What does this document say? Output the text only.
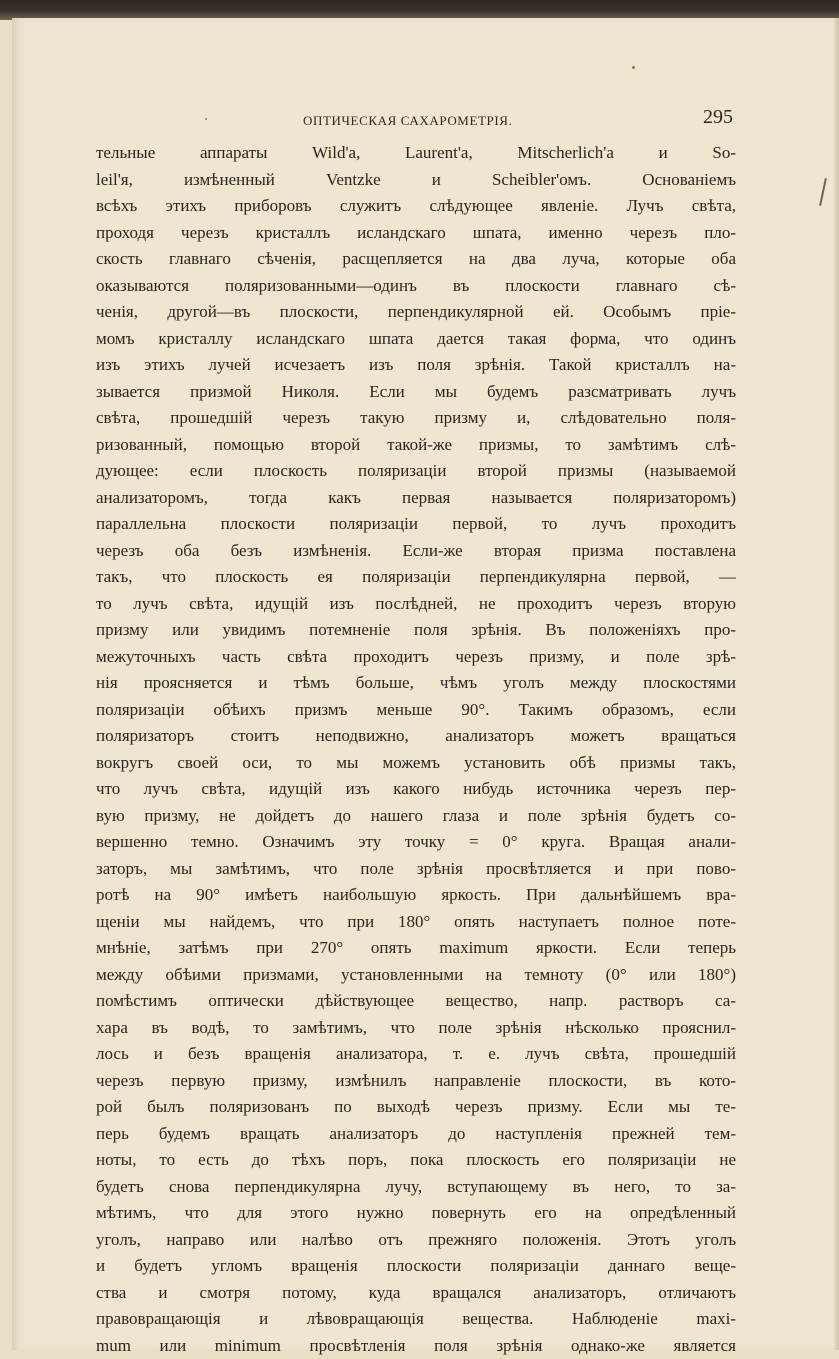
ОПТИЧЕСКАЯ САХАРОМЕТРІЯ.	295
тельные аппараты Wild'а, Laurent'а, Mitscherlich'а и So-
leil'я, измѣненный Ventzke и Scheibler'омъ. Основаніемъ
всѣхъ этихъ приборовъ служитъ слѣдующее явленіе. Лучъ свѣта,
проходя черезъ кристаллъ исландскаго шпата, именно черезъ пло-
скость главнаго сѣченія, расщепляется на два луча, которые оба
оказываются поляризованными—одинъ въ плоскости главнаго сѣ-
ченія, другой—въ плоскости, перпендикулярной ей. Особымъ пріе-
момъ кристаллу исландскаго шпата дается такая форма, что одинъ
изъ этихъ лучей исчезаетъ изъ поля зрѣнія. Такой кристаллъ на-
зывается призмой Николя. Если мы будемъ разсматривать лучъ
свѣта, прошедшій черезъ такую призму и, слѣдовательно поля-
ризованный, помощью второй такой-же призмы, то замѣтимъ слѣ-
дующее: если плоскость поляризаціи второй призмы (называемой
анализаторомъ, тогда какъ первая называется поляризаторомъ)
параллельна плоскости поляризаціи первой, то лучъ проходитъ
черезъ оба безъ измѣненія. Если-же вторая призма поставлена
такъ, что плоскость ея поляризаціи перпендикулярна первой, —
то лучъ свѣта, идущій изъ послѣдней, не проходитъ черезъ вторую
призму или увидимъ потемненіе поля зрѣнія. Въ положеніяхъ про-
межуточныхъ часть свѣта проходитъ черезъ призму, и поле зрѣ-
нія проясняется и тѣмъ больше, чѣмъ уголъ между плоскостями
поляризаціи обѣихъ призмъ меньше 90°. Такимъ образомъ, если
поляризаторъ стоитъ неподвижно, анализаторъ можетъ вращаться
вокругъ своей оси, то мы можемъ установить обѣ призмы такъ,
что лучъ свѣта, идущій изъ какого нибудь источника черезъ пер-
вую призму, не дойдетъ до нашего глаза и поле зрѣнія будетъ со-
вершенно темно. Означимъ эту точку = 0° круга. Вращая анали-
заторъ, мы замѣтимъ, что поле зрѣнія просвѣтляется и при пово-
ротѣ на 90° имѣетъ наибольшую яркость. При дальнѣйшемъ вра-
щеніи мы найдемъ, что при 180° опять наступаетъ полное поте-
мнѣніе, затѣмъ при 270° опять maximum яркости. Если теперь
между обѣими призмами, установленными на темноту (0° или 180°)
помѣстимъ оптически дѣйствующее вещество, напр. растворъ са-
хара въ водѣ, то замѣтимъ, что поле зрѣнія нѣсколько прояснил-
лось и безъ вращенія анализатора, т. е. лучъ свѣта, прошедшій
черезъ первую призму, измѣнилъ направленіе плоскости, въ кото-
рой былъ поляризованъ по выходѣ черезъ призму. Если мы те-
перь будемъ вращать анализаторъ до наступленія прежней тем-
ноты, то есть до тѣхъ поръ, пока плоскость его поляризаціи не
будетъ снова перпендикулярна лучу, вступающему въ него, то за-
мѣтимъ, что для этого нужно повернуть его на опредѣленный
уголъ, направо или налѣво отъ прежняго положенія. Этотъ уголъ
и будетъ угломъ вращенія плоскости поляризаціи даннаго веще-
ства и смотря потому, куда вращался анализаторъ, отличаютъ
правовращающія и лѣвовращающія вещества. Наблюденіе maxi-
mum или minimum просвѣтленія поля зрѣнія однако-же является
